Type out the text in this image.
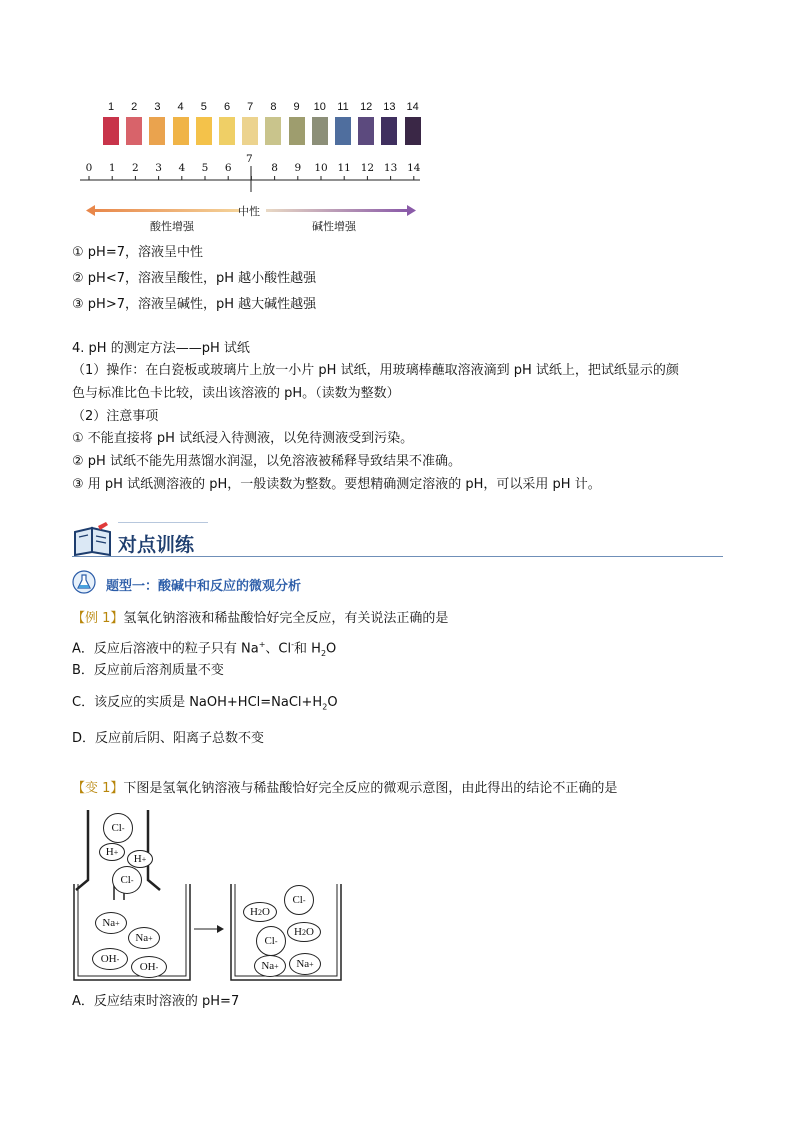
1	2	3	4	5	6	7	8	9	10	11	12 13 14
0	1	2	3	4	5	6	8	9	10 11 12 13 14
7
中性
酸性增强	碱性增强
① pH=7，溶液呈中性
② pH<7，溶液呈酸性，pH 越小酸性越强
③ pH>7，溶液呈碱性，pH 越大碱性越强
4. pH 的测定方法——pH 试纸
（1）操作：在白瓷板或玻璃片上放一小片 pH 试纸，用玻璃棒蘸取溶液滴到 pH 试纸上，把试纸显示的颜
色与标准比色卡比较，读出该溶液的 pH。（读数为整数）
（2）注意事项
① 不能直接将 pH 试纸浸入待测液，以免待测液受到污染。
② pH 试纸不能先用蒸馏水润湿，以免溶液被稀释导致结果不准确。
③ 用 pH 试纸测溶液的 pH，一般读数为整数。要想精确测定溶液的 pH，可以采用 pH 计。
对点训练
题型一：酸碱中和反应的微观分析
【例 1】氢氧化钠溶液和稀盐酸恰好完全反应，有关说法正确的是
A．反应后溶液中的粒子只有 Na+、Cl-和 $H_2O$
B．反应前后溶剂质量不变
C．该反应的实质是 $NaOH+HCl=NaCl+H_2O$
D．反应前后阴、阳离子总数不变
【变 1】下图是氢氧化钠溶液与稀盐酸恰好完全反应的微观示意图，由此得出的结论不正确的是
Cl -
H +
H +
Cl -
Na +
Na +
OH -
OH -
H 2 O
Cl -
Cl -
H 2 O
Na + Na +
A．反应结束时溶液的 pH=7
